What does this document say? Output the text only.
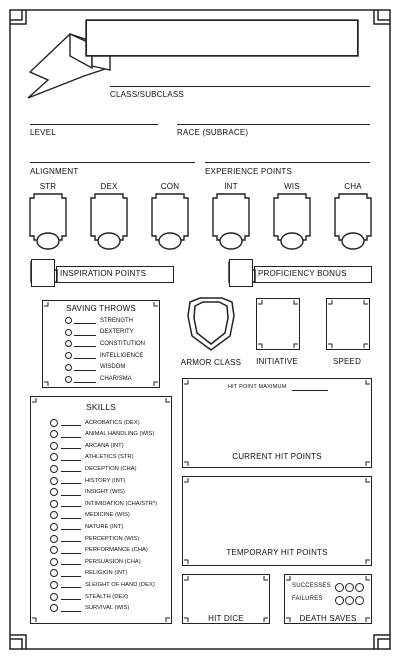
CLASS/SUBCLASS
LEVEL	RACE (SUBRACE)
ALIGNMENT	EXPERIENCE POINTS
STR	DEX	CON	INT	WIS	CHA
INSPIRATION POINTS	PROFICIENCY BONUS
SAVING THROWS
STRENGTH
DEXTERITY
CONSTITUTION
INTELLIGENCE
WISDOM
CHARISMA
ARMOR CLASS	INITIATIVE	SPEED
SKILLS
ACROBATICS (DEX)
ANIMAL HANDLING (WIS)
ARCANA (INT)
ATHLETICS (STR)
DECEPTION (CHA)
HISTORY (INT)
INSIGHT (WIS)
INTIMIDATION (CHA/STR*)
MEDICINE (WIS)
NATURE (INT)
PERCEPTION (WIS)
PERFORMANCE (CHA)
PERSUASION (CHA)
RELIGION (INT)
SLEIGHT OF HAND (DEX)
STEALTH (DEX)
SURVIVAL (WIS)
HIT POINT MAXIMUM
CURRENT HIT POINTS
TEMPORARY HIT POINTS
HIT DICE
SUCCESSES
FAILURES
DEATH SAVES
